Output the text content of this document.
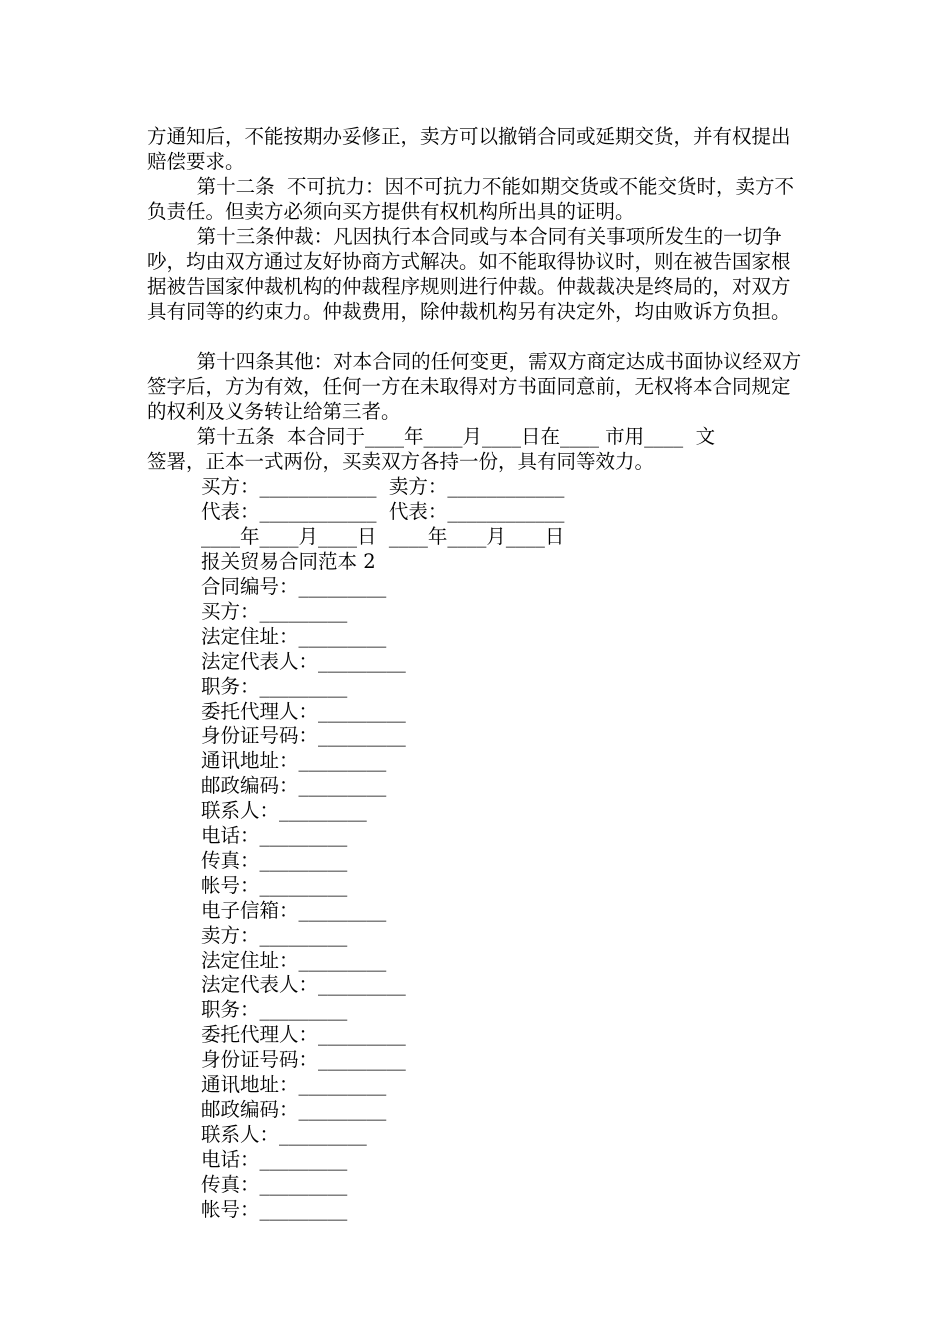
方通知后，不能按期办妥修正，卖方可以撤销合同或延期交货，并有权提出赔偿要求。

第十二条  不可抗力：因不可抗力不能如期交货或不能交货时，卖方不负责任。但卖方必须向买方提供有权机构所出具的证明。

第十三条仲裁：凡因执行本合同或与本合同有关事项所发生的一切争吵，均由双方通过友好协商方式解决。如不能取得协议时，则在被告国家根据被告国家仲裁机构的仲裁程序规则进行仲裁。仲裁裁决是终局的，对双方具有同等的约束力。仲裁费用，除仲裁机构另有决定外，均由败诉方负担。

第十四条其他：对本合同的任何变更，需双方商定达成书面协议经双方签字后，方为有效，任何一方在未取得对方书面同意前，无权将本合同规定的权利及义务转让给第三者。

第十五条  本合同于____年____月____日在____ 市用____  文

签署，正本一式两份，买卖双方各持一份，具有同等效力。

买方：____________  卖方：____________

代表：____________  代表：____________

____年____月____日  ____年____月____日

报关贸易合同范本 2

合同编号：_________

买方：_________

法定住址：_________

法定代表人：_________

职务：_________

委托代理人：_________

身份证号码：_________

通讯地址：_________

邮政编码：_________

联系人：_________

电话：_________

传真：_________

帐号：_________

电子信箱：_________

卖方：_________

法定住址：_________

法定代表人：_________

职务：_________

委托代理人：_________

身份证号码：_________

通讯地址：_________

邮政编码：_________

联系人：_________

电话：_________

传真：_________

帐号：_________
